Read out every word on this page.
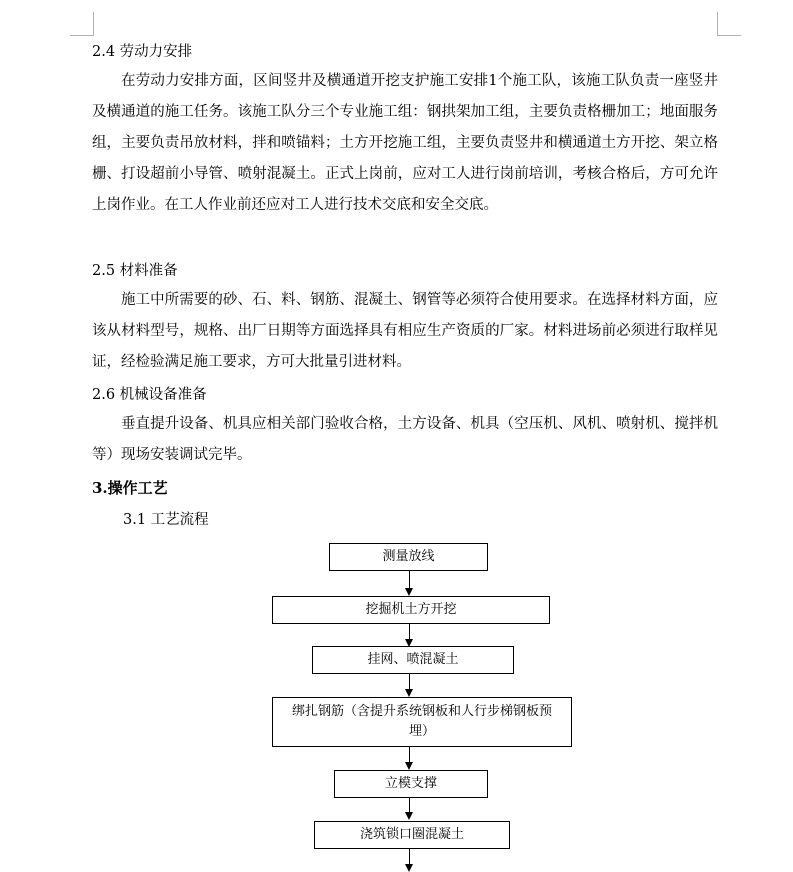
2.4 劳动力安排

在劳动力安排方面，区间竖井及横通道开挖支护施工安排1个施工队，该施工队负责一座竖井及横通道的施工任务。该施工队分三个专业施工组：钢拱架加工组，主要负责格栅加工；地面服务组，主要负责吊放材料，拌和喷锚料；土方开挖施工组，主要负责竖井和横通道土方开挖、架立格栅、打设超前小导管、喷射混凝土。正式上岗前，应对工人进行岗前培训，考核合格后，方可允许上岗作业。在工人作业前还应对工人进行技术交底和安全交底。

2.5 材料准备

施工中所需要的砂、石、料、钢筋、混凝土、钢管等必须符合使用要求。在选择材料方面，应该从材料型号，规格、出厂日期等方面选择具有相应生产资质的厂家。材料进场前必须进行取样见证，经检验满足施工要求，方可大批量引进材料。

2.6 机械设备准备

垂直提升设备、机具应相关部门验收合格，土方设备、机具（空压机、风机、喷射机、搅拌机等）现场安装调试完毕。

3.操作工艺
3.1 工艺流程
测量放线
挖掘机土方开挖
挂网、喷混凝土
绑扎钢筋（含提升系统钢板和人行步梯钢板预埋）
立模支撑
浇筑锁口圈混凝土
